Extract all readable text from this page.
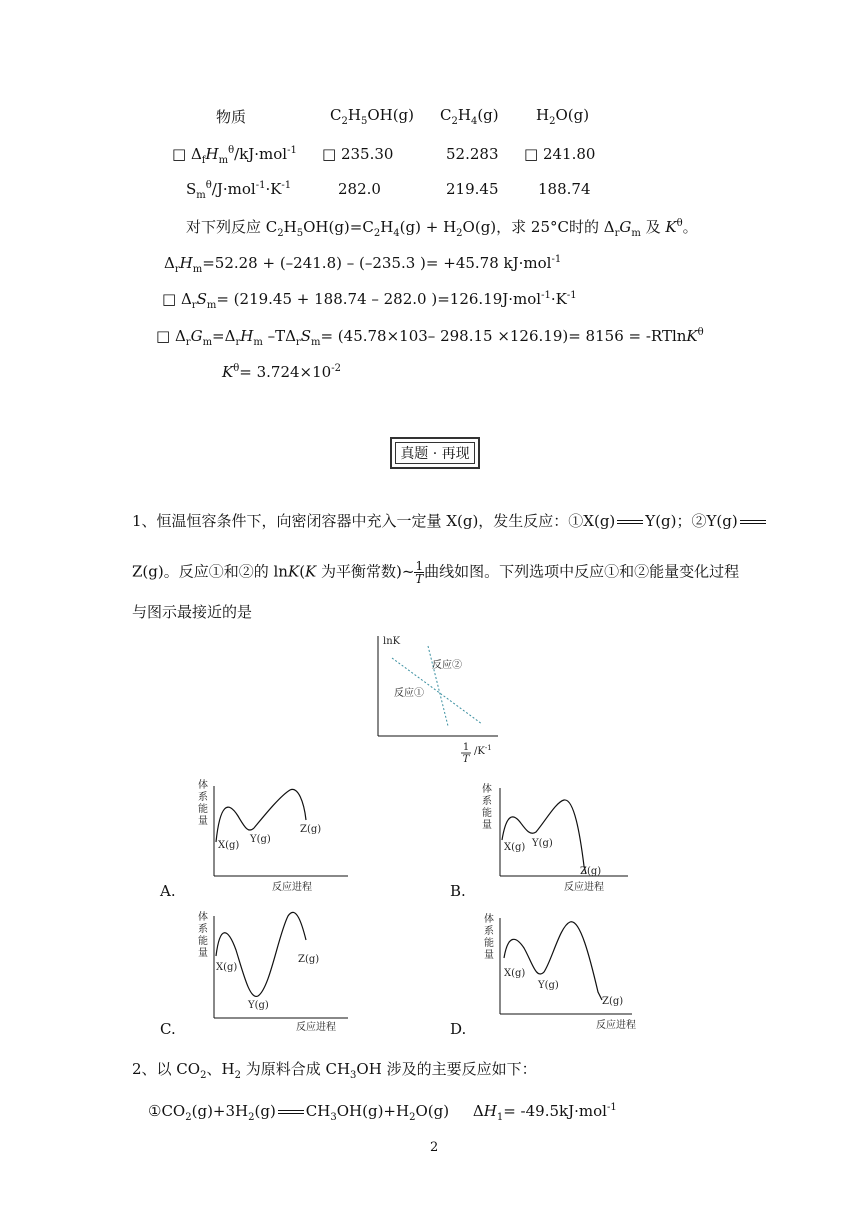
物质	$C_2H_5OH(g)$ $C_2H_4(g)$ $H_2O(g)$
□ $\Delta_fH_m^\theta/kJ\cdot mol^{-1}$ □ 235.30	52.283 □ 241.80
$S_m^\theta/J\cdot mol^{-1}\cdot K^{-1}$	282.0	219.45	188.74
对下列反应 $C_2H_5OH(g)=C_2H_4(g) + H_2O(g)$，求 25°C时的 $\Delta_rG_m$ 及 $K^\theta$。
$\Delta_rH_m=52.28 + (-241.8) - (-235.3$ )= +45.78 kJ·mol$^{-1}$
□ $\Delta_rS_m= (219.45 + 188.74 - 282.0$ )$=126.19J\cdot mol^{-1}\cdot K^{-1}$
□ $\Delta_rG_m=\Delta_rH_m$ $-T\Delta_rS_m= (45.78\times 103-$ 298.15 ×126.19)= 8156 = -RTlnK$^\theta$
$K^\theta= 3.724\times 10^{-2}$
真题 · 再现
1、恒温恒容条件下，向密闭容器中充入一定量 X(g)，发生反应：①X(g) Y(g)；②Y(g)
Z(g)。反应①和②的 lnK(K 为平衡常数)~ $\frac{1}{T}$ 曲线如图。下列选项中反应①和②能量变化过程
与图示最接近的是
lnK
反应②
反应①
1
T
$/K^{-1}$
体
系
能
量
X(g)
Y(g)
Z(g)
反应进程
A.
体
系
能
量
X(g) Y(g)
Z(g)
反应进程
B.
体
系
能
量
X(g)
Y(g)
Z(g)
反应进程
C.
体
系
能
量
X(g)
Y(g)
Z(g)
反应进程
D.
2、以 $CO_2$、$H_2$ 为原料合成 $CH_3OH$ 涉及的主要反应如下：
$①CO_2(g)+3H_2(g)$ $CH_3OH(g)+H_2O(g)$     $\Delta H_1= -49.5kJ\cdot mol^{-1}$
2
